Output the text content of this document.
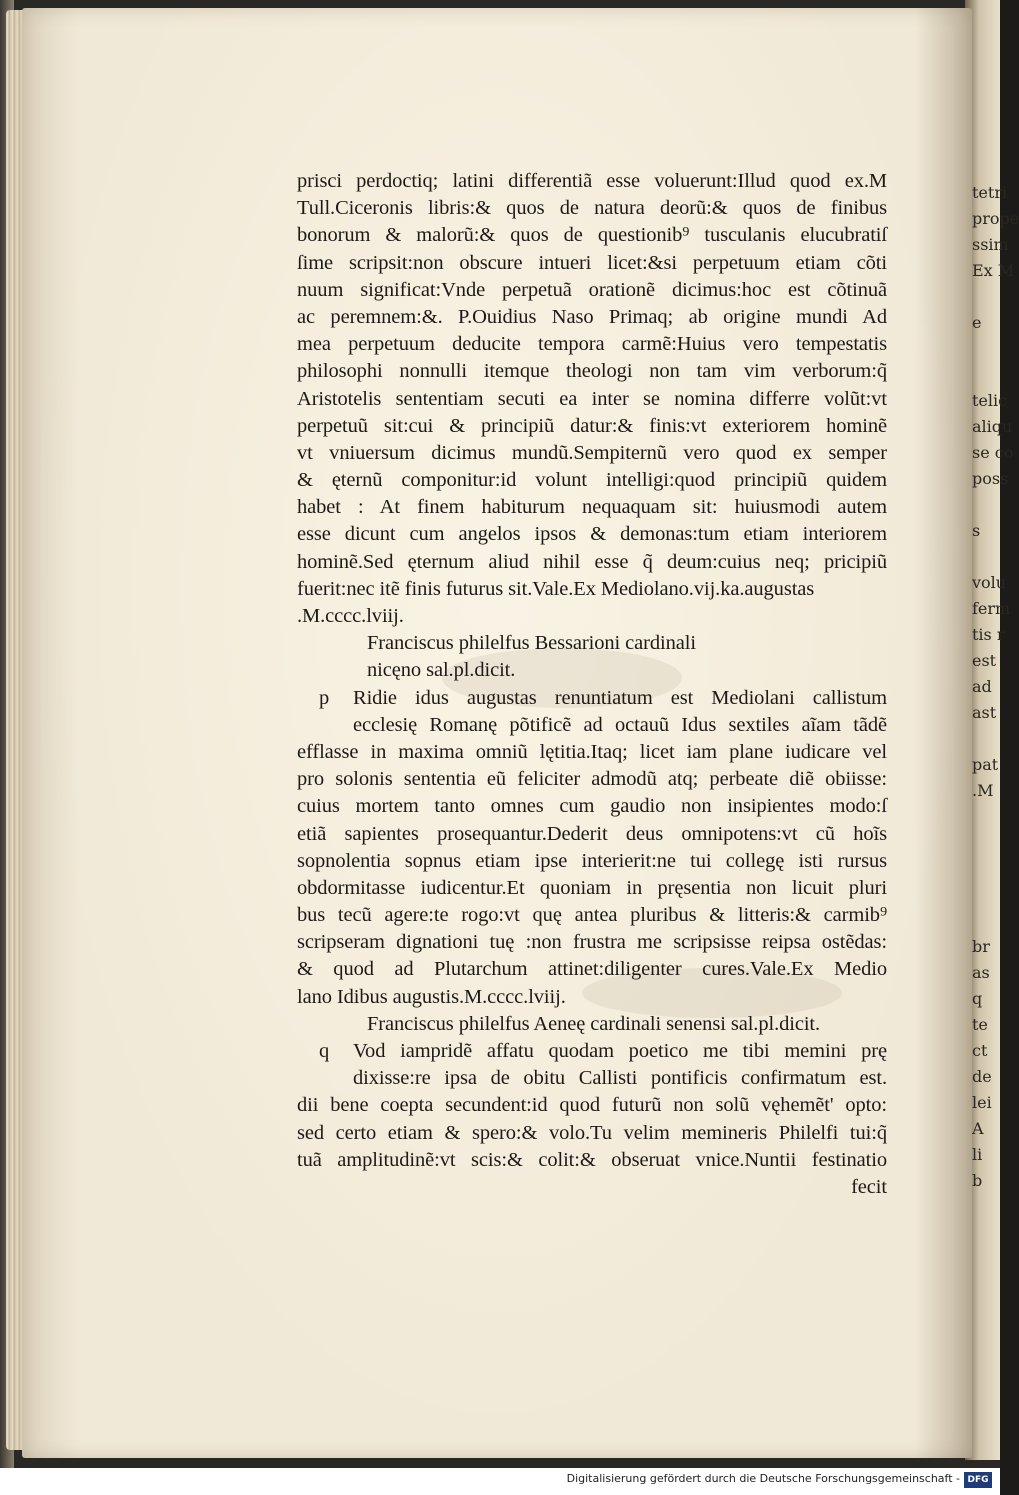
tetri
prope
ssim
Ex M
e
telic
aliqu
se co
poss
s
volu
ferm
tis r
est
ad
ast
pat
.M
br
as
q
te
ct
de
lei
A
li
b
prisci perdoctiq; latini differentiã esse voluerunt:Illud quod ex.M
Tull.Ciceronis libris:& quos de natura deorũ:& quos de finibus
bonorum & malorũ:& quos de questionib⁹ tusculanis elucubratiſ
ſime scripsit:non obscure intueri licet:&si perpetuum etiam cõti
nuum significat:Vnde perpetuã orationẽ dicimus:hoc est cõtinuã
ac peremnem:&. P.Ouidius Naso Primaq; ab origine mundi Ad
mea perpetuum deducite tempora carmẽ:Huius vero tempestatis
philosophi nonnulli itemque theologi non tam vim verborum:q̃
Aristotelis sententiam secuti ea inter se nomina differre volũt:vt
perpetuũ sit:cui & principiũ datur:& finis:vt exteriorem hominẽ
vt vniuersum dicimus mundũ.Sempiternũ vero quod ex semper
& ęternũ componitur:id volunt intelligi:quod principiũ quidem
habet : At finem habiturum nequaquam sit: huiusmodi autem
esse dicunt cum angelos ipsos & demonas:tum etiam interiorem
hominẽ.Sed ęternum aliud nihil esse q̃ deum:cuius neq; pricipiũ
fuerit:nec itẽ finis futurus sit.Vale.Ex Mediolano.vij.ka.augustas
.M.cccc.lviij.
Franciscus philelfus Bessarioni cardinali
nicęno sal.pl.dicit.
p	Ridie idus augustas renuntiatum est Mediolani callistum
ecclesię Romanę põtificẽ ad octauũ Idus sextiles aĩam tãdẽ
efflasse in maxima omniũ lętitia.Itaq; licet iam plane iudicare vel
pro solonis sententia eũ feliciter admodũ atq; perbeate diẽ obiisse:
cuius mortem tanto omnes cum gaudio non insipientes modo:ſ
etiã sapientes prosequantur.Dederit deus omnipotens:vt cũ hoĩs
sopnolentia sopnus etiam ipse interierit:ne tui collegę isti rursus
obdormitasse iudicentur.Et quoniam in pręsentia non licuit pluri
bus tecũ agere:te rogo:vt quę antea pluribus & litteris:& carmib⁹
scripseram dignationi tuę :non frustra me scripsisse reipsa ostẽdas:
& quod ad Plutarchum attinet:diligenter cures.Vale.Ex Medio
lano Idibus augustis.M.cccc.lviij.
Franciscus philelfus Aeneę cardinali senensi sal.pl.dicit.
q	Vod iampridẽ affatu quodam poetico me tibi memini prę
dixisse:re ipsa de obitu Callisti pontificis confirmatum est.
dii bene coepta secundent:id quod futurũ non solũ vęhemẽt' opto:
sed certo etiam & spero:& volo.Tu velim memineris Philelfi tui:q̃
tuã amplitudinẽ:vt scis:& colit:& obseruat vnice.Nuntii festinatio
fecit
Digitalisierung gefördert durch die Deutsche Forschungsgemeinschaft - DFG
